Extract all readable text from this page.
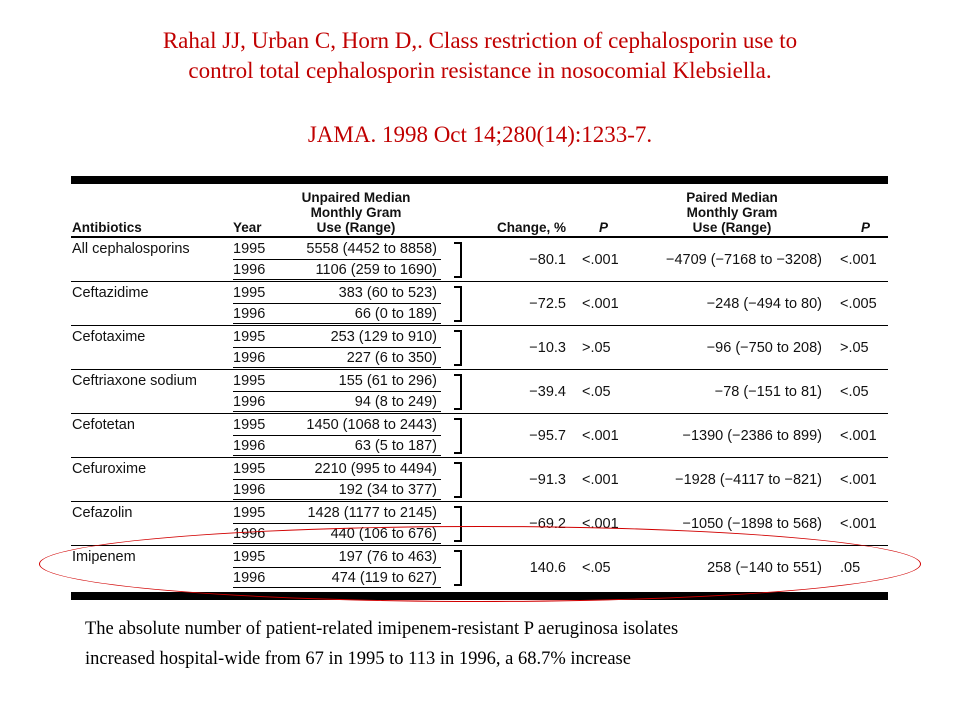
Rahal JJ, Urban C, Horn D,. Class restriction of cephalosporin use to
control total cephalosporin resistance in nosocomial Klebsiella.
JAMA. 1998 Oct 14;280(14):1233-7.
Antibiotics	Year
Unpaired Median
Monthly Gram
Use (Range)	Change, % P
Paired Median
Monthly Gram
Use (Range)	P
All cephalosporins	1995	5558 (4452 to 8858)
1996	1106 (259 to 1690)
−80.1 <.001	−4709 (−7168 to −3208) <.001
Ceftazidime	1995	383 (60 to 523)
1996	66 (0 to 189)
−72.5 <.001	−248 (−494 to 80) <.005
Cefotaxime	1995	253 (129 to 910)
1996	227 (6 to 350)
−10.3 >.05	−96 (−750 to 208) >.05
Ceftriaxone sodium 1995	155 (61 to 296)
1996	94 (8 to 249)
−39.4 <.05	−78 (−151 to 81) <.05
Cefotetan	1995	1450 (1068 to 2443)
1996	63 (5 to 187)
−95.7 <.001	−1390 (−2386 to 899) <.001
Cefuroxime	1995	2210 (995 to 4494)
1996	192 (34 to 377)
−91.3 <.001	−1928 (−4117 to −821) <.001
Cefazolin	1995	1428 (1177 to 2145)
1996	440 (106 to 676)
−69.2 <.001	−1050 (−1898 to 568) <.001
Imipenem	1995	197 (76 to 463)
1996	474 (119 to 627)
140.6 <.05	258 (−140 to 551) .05
The absolute number of patient-related imipenem-resistant P aeruginosa isolates
increased hospital-wide from 67 in 1995 to 113 in 1996, a 68.7% increase
